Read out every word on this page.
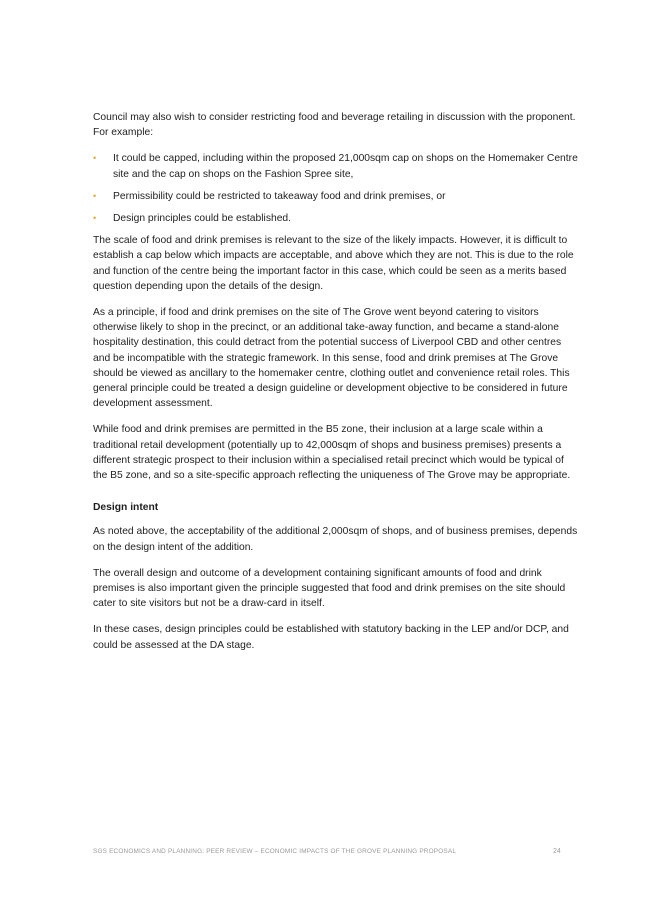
Council may also wish to consider restricting food and beverage retailing in discussion with the proponent. For example:

• It could be capped, including within the proposed 21,000sqm cap on shops on the Homemaker Centre site and the cap on shops on the Fashion Spree site,
• Permissibility could be restricted to takeaway food and drink premises, or
• Design principles could be established.

The scale of food and drink premises is relevant to the size of the likely impacts. However, it is difficult to establish a cap below which impacts are acceptable, and above which they are not. This is due to the role and function of the centre being the important factor in this case, which could be seen as a merits based question depending upon the details of the design.

As a principle, if food and drink premises on the site of The Grove went beyond catering to visitors otherwise likely to shop in the precinct, or an additional take-away function, and became a stand-alone hospitality destination, this could detract from the potential success of Liverpool CBD and other centres and be incompatible with the strategic framework. In this sense, food and drink premises at The Grove should be viewed as ancillary to the homemaker centre, clothing outlet and convenience retail roles. This general principle could be treated a design guideline or development objective to be considered in future development assessment.

While food and drink premises are permitted in the B5 zone, their inclusion at a large scale within a traditional retail development (potentially up to 42,000sqm of shops and business premises) presents a different strategic prospect to their inclusion within a specialised retail precinct which would be typical of the B5 zone, and so a site-specific approach reflecting the uniqueness of The Grove may be appropriate.

Design intent

As noted above, the acceptability of the additional 2,000sqm of shops, and of business premises, depends on the design intent of the addition.

The overall design and outcome of a development containing significant amounts of food and drink premises is also important given the principle suggested that food and drink premises on the site should cater to site visitors but not be a draw-card in itself.

In these cases, design principles could be established with statutory backing in the LEP and/or DCP, and could be assessed at the DA stage.

SGS ECONOMICS AND PLANNING: PEER REVIEW – ECONOMIC IMPACTS OF THE GROVE PLANNING PROPOSAL	24
